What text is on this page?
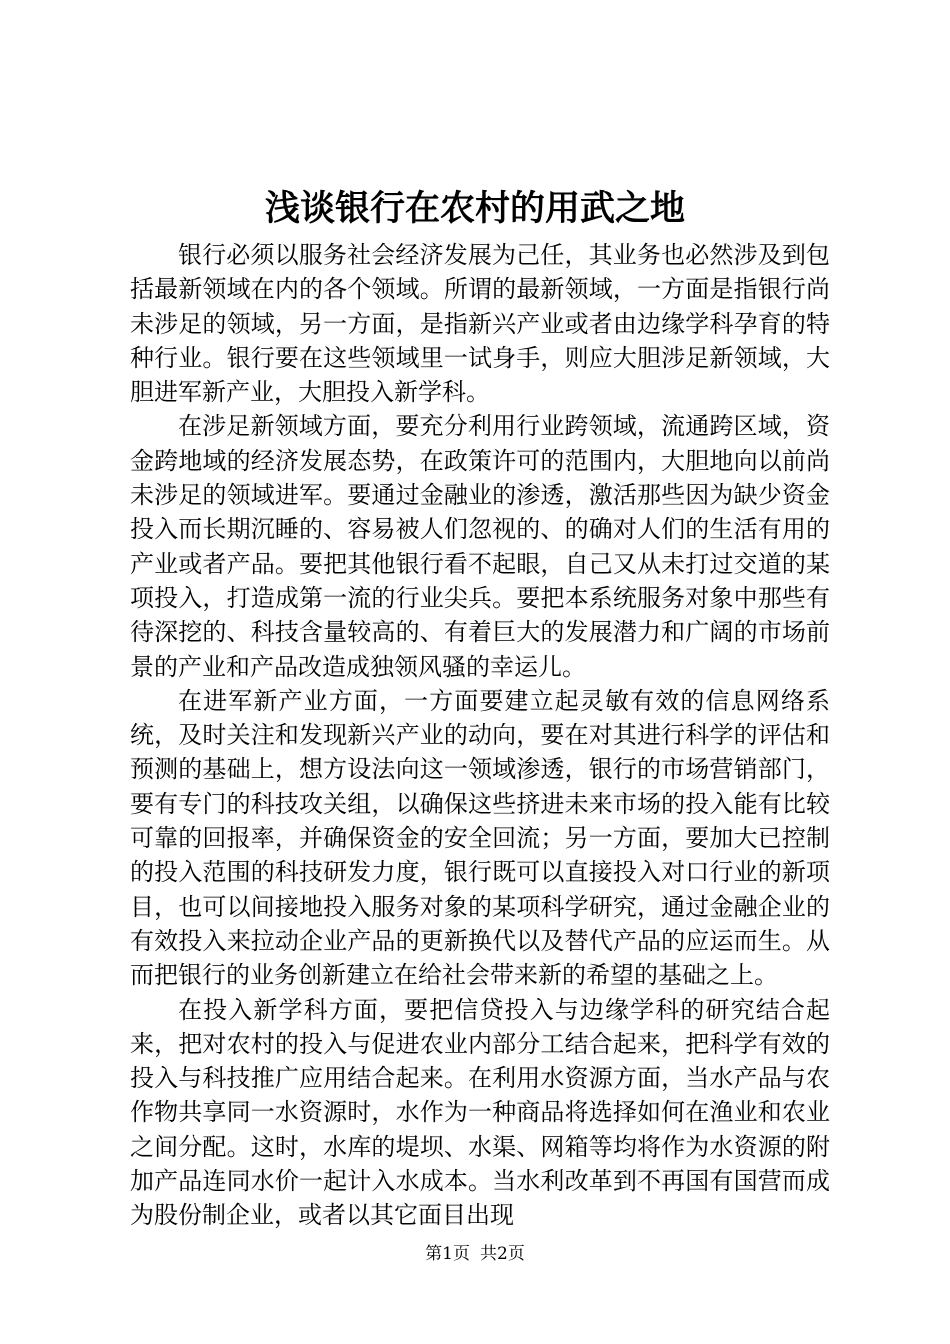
浅谈银行在农村的用武之地

银行必须以服务社会经济发展为己任，其业务也必然涉及到包括最新领域在内的各个领域。所谓的最新领域，一方面是指银行尚未涉足的领域，另一方面，是指新兴产业或者由边缘学科孕育的特种行业。银行要在这些领域里一试身手，则应大胆涉足新领域，大胆进军新产业，大胆投入新学科。

在涉足新领域方面，要充分利用行业跨领域，流通跨区域，资金跨地域的经济发展态势，在政策许可的范围内，大胆地向以前尚未涉足的领域进军。要通过金融业的渗透，激活那些因为缺少资金投入而长期沉睡的、容易被人们忽视的、的确对人们的生活有用的产业或者产品。要把其他银行看不起眼，自己又从未打过交道的某项投入，打造成第一流的行业尖兵。要把本系统服务对象中那些有待深挖的、科技含量较高的、有着巨大的发展潜力和广阔的市场前景的产业和产品改造成独领风骚的幸运儿。

在进军新产业方面，一方面要建立起灵敏有效的信息网络系统，及时关注和发现新兴产业的动向，要在对其进行科学的评估和预测的基础上，想方设法向这一领域渗透，银行的市场营销部门，要有专门的科技攻关组，以确保这些挤进未来市场的投入能有比较可靠的回报率，并确保资金的安全回流；另一方面，要加大已控制的投入范围的科技研发力度，银行既可以直接投入对口行业的新项目，也可以间接地投入服务对象的某项科学研究，通过金融企业的有效投入来拉动企业产品的更新换代以及替代产品的应运而生。从而把银行的业务创新建立在给社会带来新的希望的基础之上。

在投入新学科方面，要把信贷投入与边缘学科的研究结合起来，把对农村的投入与促进农业内部分工结合起来，把科学有效的投入与科技推广应用结合起来。在利用水资源方面，当水产品与农作物共享同一水资源时，水作为一种商品将选择如何在渔业和农业之间分配。这时，水库的堤坝、水渠、网箱等均将作为水资源的附加产品连同水价一起计入水成本。当水利改革到不再国有国营而成为股份制企业，或者以其它面目出现

第1页 共2页
